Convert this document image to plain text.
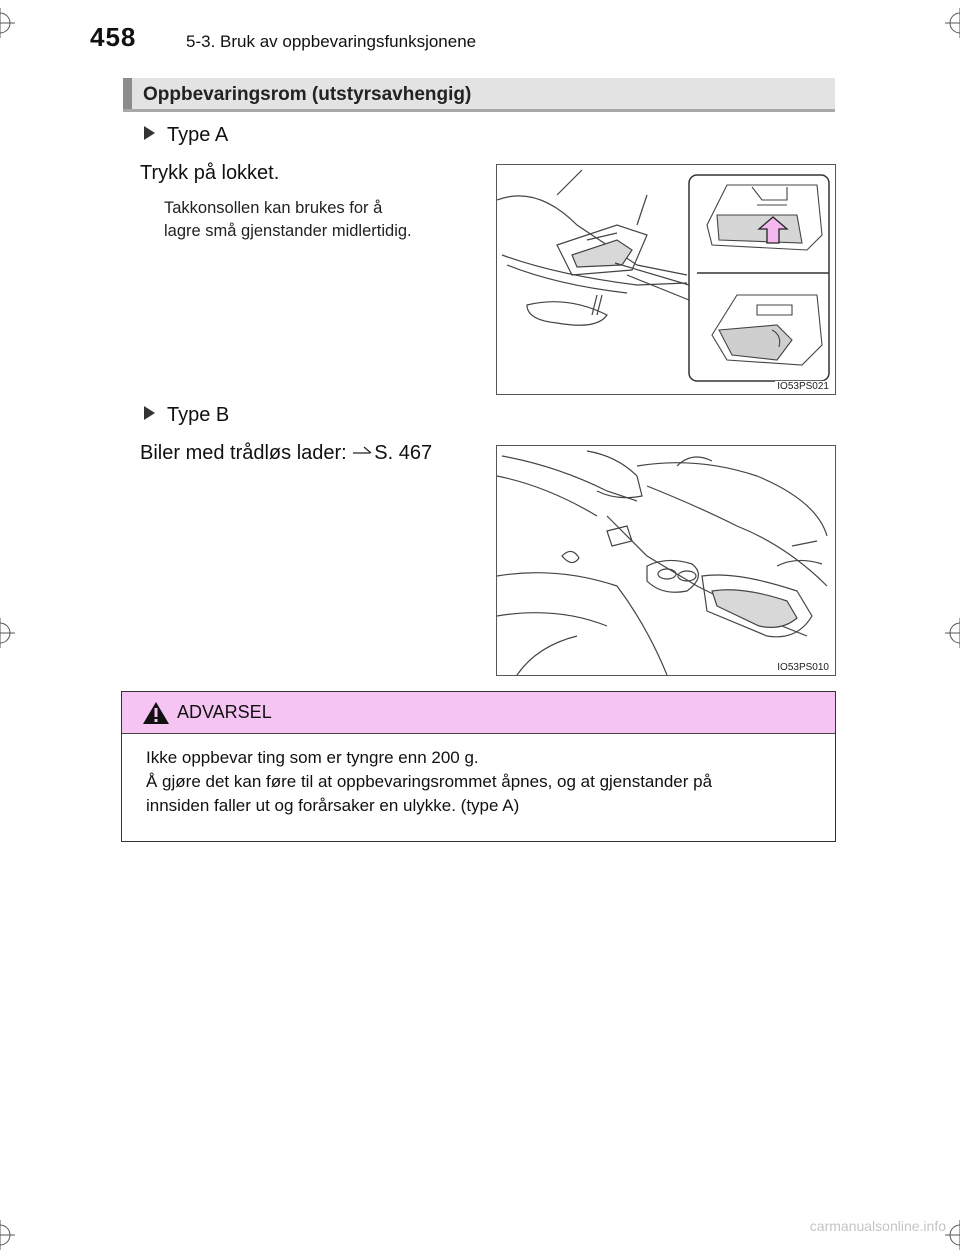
458	5-3. Bruk av oppbevaringsfunksjonene
Oppbevaringsrom (utstyrsavhengig)
Type A
Trykk på lokket.
Takkonsollen kan brukes for å
lagre små gjenstander midlertidig.
IO53PS021
Type B
Biler med trådløs lader: S. 467
IO53PS010
ADVARSEL
Ikke oppbevar ting som er tyngre enn 200 g.
Å gjøre det kan føre til at oppbevaringsrommet åpnes, og at gjenstander på
innsiden faller ut og forårsaker en ulykke. (type A)
carmanualsonline.info
